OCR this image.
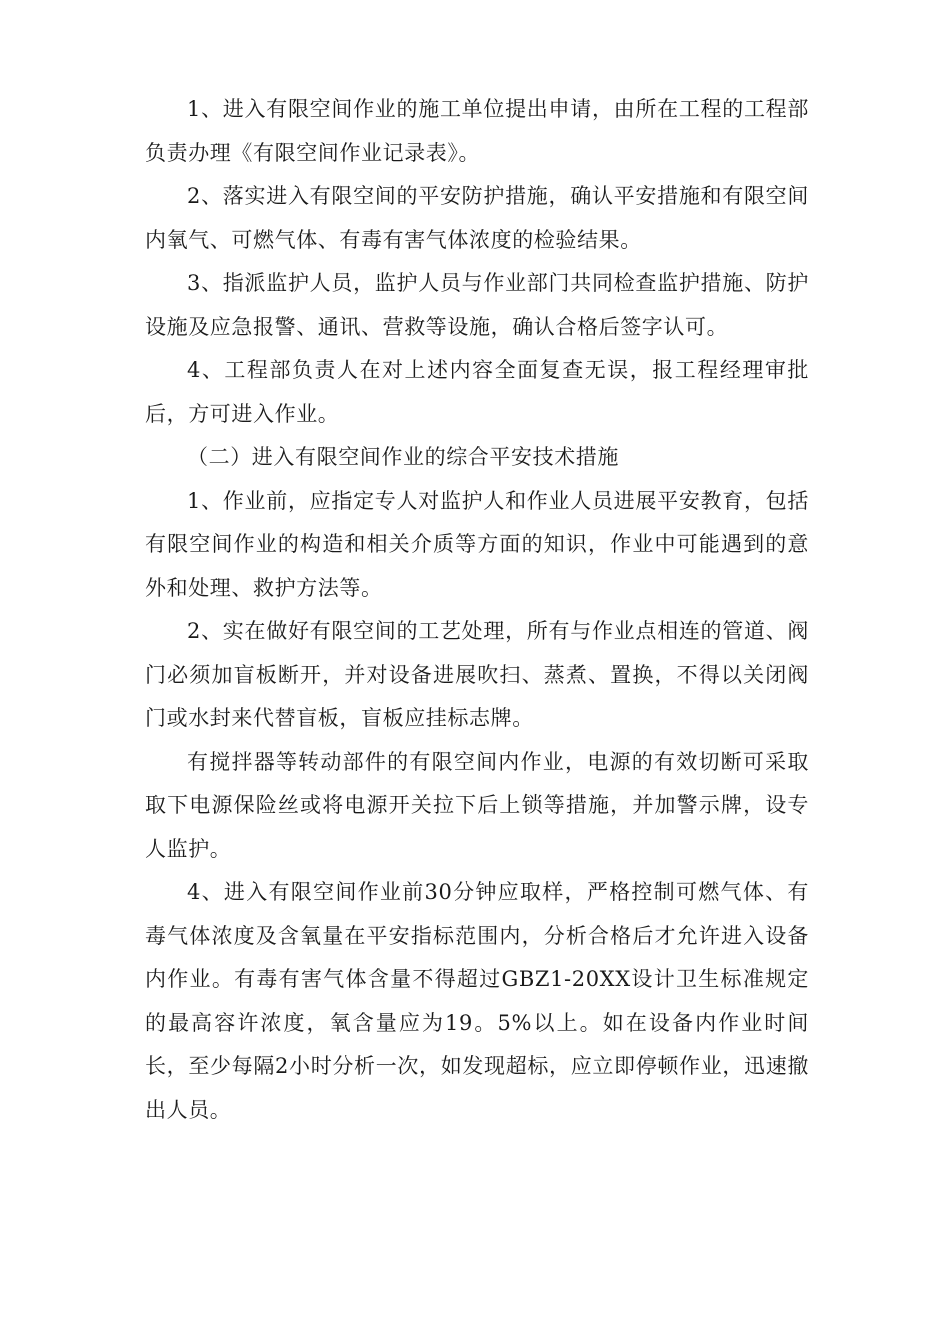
1、进入有限空间作业的施工单位提出申请，由所在工程的工程部负责办理《有限空间作业记录表》。

2、落实进入有限空间的平安防护措施，确认平安措施和有限空间内氧气、可燃气体、有毒有害气体浓度的检验结果。

3、指派监护人员，监护人员与作业部门共同检查监护措施、防护设施及应急报警、通讯、营救等设施，确认合格后签字认可。

4、工程部负责人在对上述内容全面复查无误，报工程经理审批后，方可进入作业。

（二）进入有限空间作业的综合平安技术措施

1、作业前，应指定专人对监护人和作业人员进展平安教育，包括有限空间作业的构造和相关介质等方面的知识，作业中可能遇到的意外和处理、救护方法等。

2、实在做好有限空间的工艺处理，所有与作业点相连的管道、阀门必须加盲板断开，并对设备进展吹扫、蒸煮、置换，不得以关闭阀门或水封来代替盲板，盲板应挂标志牌。

有搅拌器等转动部件的有限空间内作业，电源的有效切断可采取取下电源保险丝或将电源开关拉下后上锁等措施，并加警示牌，设专人监护。

4、进入有限空间作业前30分钟应取样，严格控制可燃气体、有毒气体浓度及含氧量在平安指标范围内，分析合格后才允许进入设备内作业。有毒有害气体含量不得超过GBZ1-20XX设计卫生标准规定的最高容许浓度，氧含量应为19。5%以上。如在设备内作业时间长，至少每隔2小时分析一次，如发现超标，应立即停顿作业，迅速撤出人员。
